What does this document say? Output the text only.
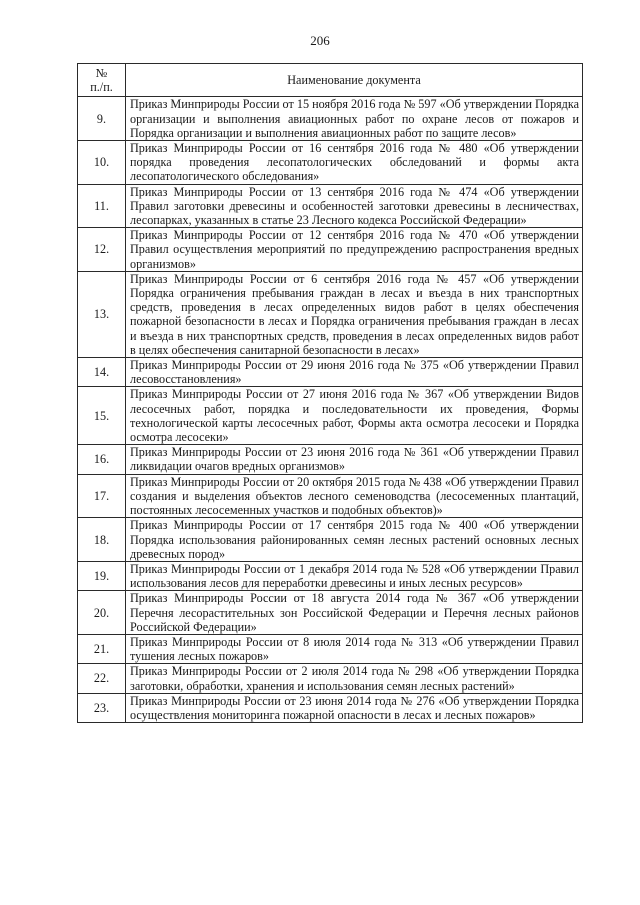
206
№
п./п.	Наименование документа
9.	Приказ Минприроды России от 15 ноября 2016 года № 597 «Об утверждении Порядка организации и выполнения авиационных работ по охране лесов от пожаров и Порядка организации и выполнения авиационных работ по защите лесов»
10.	Приказ Минприроды России от 16 сентября 2016 года № 480 «Об утверждении порядка проведения лесопатологических обследований и формы акта лесопатологического обследования»
11.	Приказ Минприроды России от 13 сентября 2016 года № 474 «Об утверждении Правил заготовки древесины и особенностей заготовки древесины в лесничествах, лесопарках, указанных в статье 23 Лесного кодекса Российской Федерации»
12.	Приказ Минприроды России от 12 сентября 2016 года № 470 «Об утверждении Правил осуществления мероприятий по предупреждению распространения вредных организмов»
13.	Приказ Минприроды России от 6 сентября 2016 года № 457 «Об утверждении Порядка ограничения пребывания граждан в лесах и въезда в них транспортных средств, проведения в лесах определенных видов работ в целях обеспечения пожарной безопасности в лесах и Порядка ограничения пребывания граждан в лесах и въезда в них транспортных средств, проведения в лесах определенных видов работ в целях обеспечения санитарной безопасности в лесах»
14.	Приказ Минприроды России от 29 июня 2016 года № 375 «Об утверждении Правил лесовосстановления»
15.	Приказ Минприроды России от 27 июня 2016 года № 367 «Об утверждении Видов лесосечных работ, порядка и последовательности их проведения, Формы технологической карты лесосечных работ, Формы акта осмотра лесосеки и Порядка осмотра лесосеки»
16.	Приказ Минприроды России от 23 июня 2016 года № 361 «Об утверждении Правил ликвидации очагов вредных организмов»
17.	Приказ Минприроды России от 20 октября 2015 года № 438 «Об утверждении Правил создания и выделения объектов лесного семеноводства (лесосеменных плантаций, постоянных лесосеменных участков и подобных объектов)»
18.	Приказ Минприроды России от 17 сентября 2015 года № 400 «Об утверждении Порядка использования районированных семян лесных растений основных лесных древесных пород»
19.	Приказ Минприроды России от 1 декабря 2014 года № 528 «Об утверждении Правил использования лесов для переработки древесины и иных лесных ресурсов»
20.	Приказ Минприроды России от 18 августа 2014 года № 367 «Об утверждении Перечня лесорастительных зон Российской Федерации и Перечня лесных районов Российской Федерации»
21.	Приказ Минприроды России от 8 июля 2014 года № 313 «Об утверждении Правил тушения лесных пожаров»
22.	Приказ Минприроды России от 2 июля 2014 года № 298 «Об утверждении Порядка заготовки, обработки, хранения и использования семян лесных растений»
23.	Приказ Минприроды России от 23 июня 2014 года № 276 «Об утверждении Порядка осуществления мониторинга пожарной опасности в лесах и лесных пожаров»
